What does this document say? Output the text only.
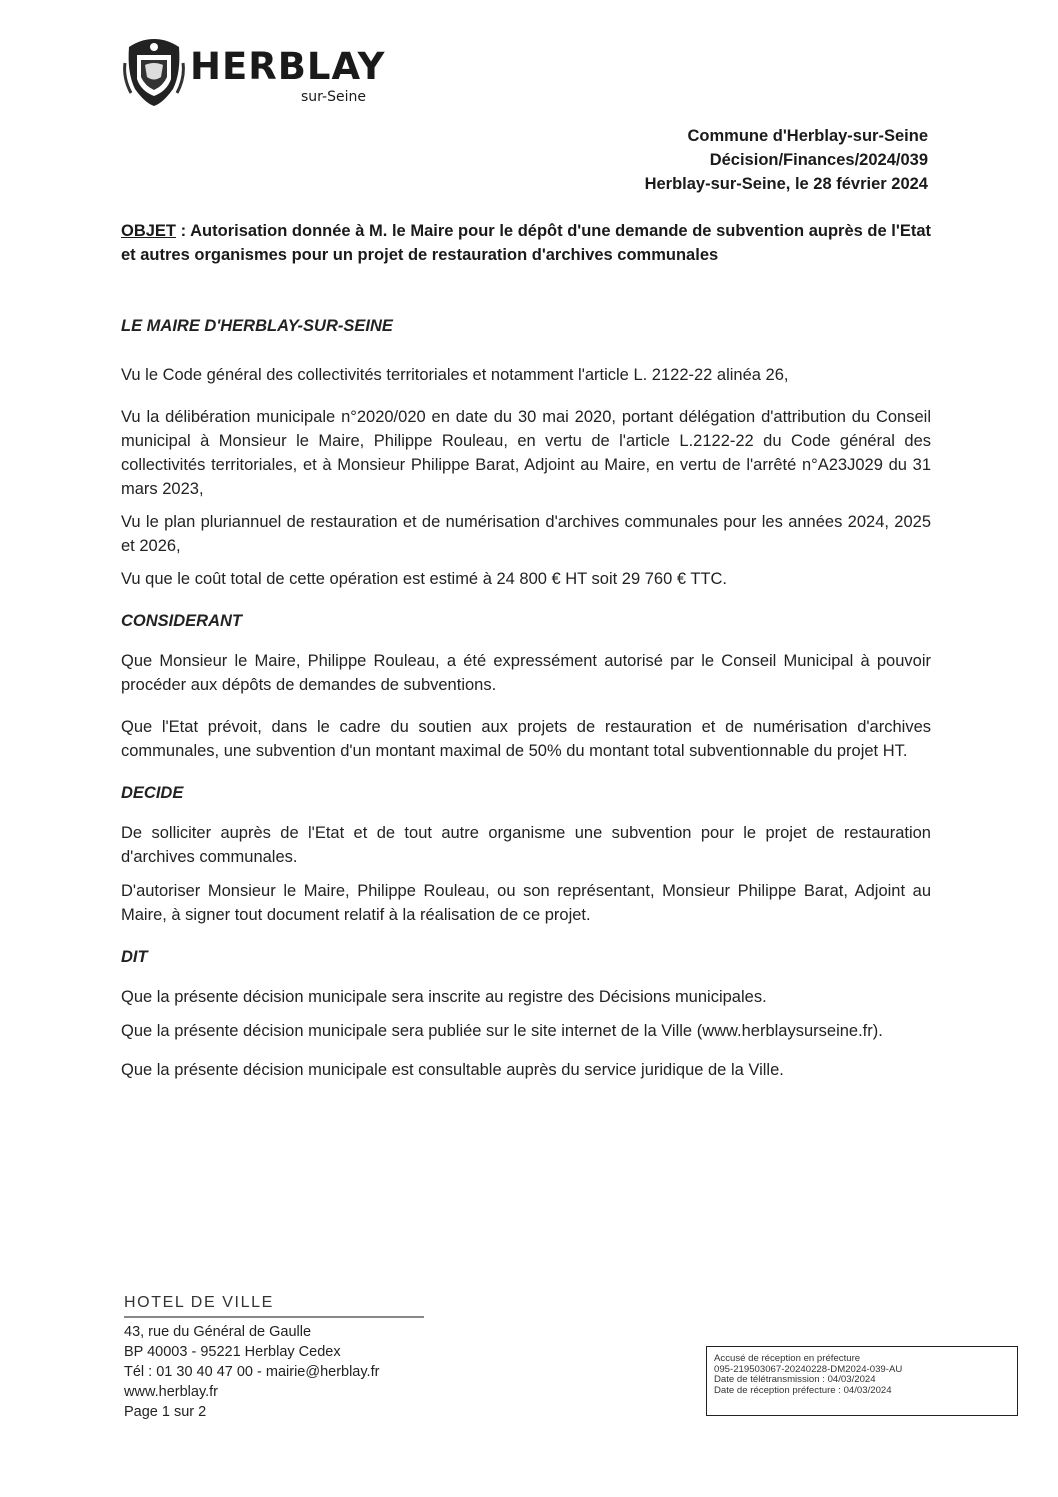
HERBLAY
sur-Seine
Commune d'Herblay-sur-Seine
Décision/Finances/2024/039
Herblay-sur-Seine, le 28 février 2024
OBJET : Autorisation donnée à M. le Maire pour le dépôt d'une demande de subvention auprès de l'Etat et autres organismes pour un projet de restauration d'archives communales

LE MAIRE D'HERBLAY-SUR-SEINE

Vu le Code général des collectivités territoriales et notamment l'article L. 2122-22 alinéa 26,

Vu la délibération municipale n°2020/020 en date du 30 mai 2020, portant délégation d'attribution du Conseil municipal à Monsieur le Maire, Philippe Rouleau, en vertu de l'article L.2122-22 du Code général des collectivités territoriales, et à Monsieur Philippe Barat, Adjoint au Maire, en vertu de l'arrêté n°A23J029 du 31 mars 2023,

Vu le plan pluriannuel de restauration et de numérisation d'archives communales pour les années 2024, 2025 et 2026,

Vu que le coût total de cette opération est estimé à 24 800 € HT soit 29 760 € TTC.

CONSIDERANT

Que Monsieur le Maire, Philippe Rouleau, a été expressément autorisé par le Conseil Municipal à pouvoir procéder aux dépôts de demandes de subventions.

Que l'Etat prévoit, dans le cadre du soutien aux projets de restauration et de numérisation d'archives communales, une subvention d'un montant maximal de 50% du montant total subventionnable du projet HT.

DECIDE

De solliciter auprès de l'Etat et de tout autre organisme une subvention pour le projet de restauration d'archives communales.

D'autoriser Monsieur le Maire, Philippe Rouleau, ou son représentant, Monsieur Philippe Barat, Adjoint au Maire, à signer tout document relatif à la réalisation de ce projet.

DIT

Que la présente décision municipale sera inscrite au registre des Décisions municipales.

Que la présente décision municipale sera publiée sur le site internet de la Ville (www.herblaysurseine.fr).

Que la présente décision municipale est consultable auprès du service juridique de la Ville.

HOTEL DE VILLE
43, rue du Général de Gaulle
BP 40003 - 95221 Herblay Cedex
Tél : 01 30 40 47 00 - mairie@herblay.fr
www.herblay.fr
Page 1 sur 2
Accusé de réception en préfecture
095-219503067-20240228-DM2024-039-AU
Date de télétransmission : 04/03/2024
Date de réception préfecture : 04/03/2024
